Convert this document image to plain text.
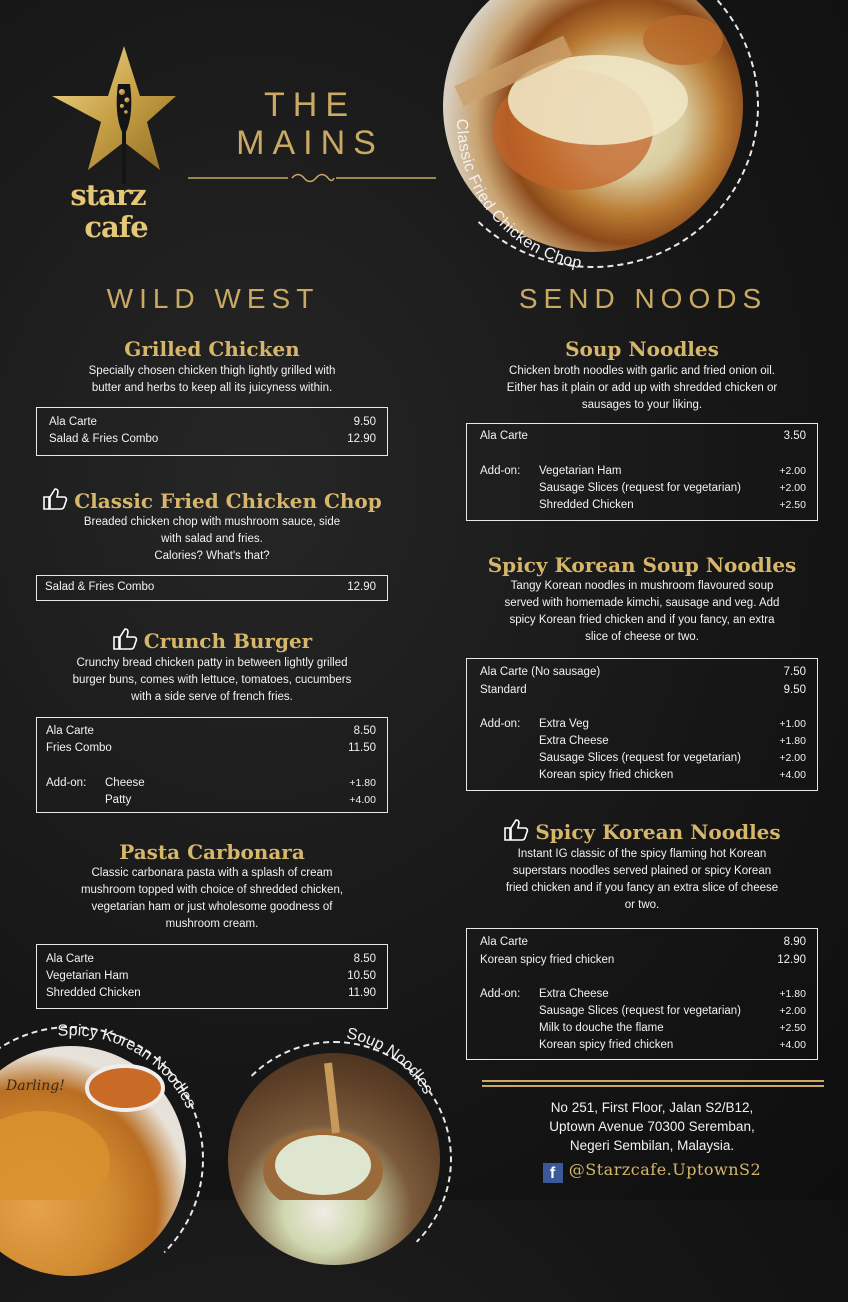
starz
cafe
THE
MAINS	Classic Fried Chicken Chop
WILD WEST	SEND NOODS
Grilled Chicken
Specially chosen chicken thigh lightly grilled with
butter and herbs to keep all its juicyness within.
Ala Carte	9.50
Salad & Fries Combo	12.90
Classic Fried Chicken Chop
Breaded chicken chop with mushroom sauce, side
with salad and fries.
Calories? What's that?
Salad & Fries Combo	12.90
Crunch Burger
Crunchy bread chicken patty in between lightly grilled
burger buns, comes with lettuce, tomatoes, cucumbers
with a side serve of french fries.
Ala Carte	8.50
Fries Combo	11.50
Add-on: Cheese	+1.80
Patty	+4.00
Pasta Carbonara
Classic carbonara pasta with a splash of cream
mushroom topped with choice of shredded chicken,
vegetarian ham or just wholesome goodness of
mushroom cream.
Ala Carte	8.50
Vegetarian Ham	10.50
Shredded Chicken	11.90
Soup Noodles
Chicken broth noodles with garlic and fried onion oil.
Either has it plain or add up with shredded chicken or
sausages to your liking.
Ala Carte	3.50
Add-on: Vegetarian Ham	+2.00
Sausage Slices (request for vegetarian)	+2.00
Shredded Chicken	+2.50
Spicy Korean Soup Noodles
Tangy Korean noodles in mushroom flavoured soup
served with homemade kimchi, sausage and veg. Add
spicy Korean fried chicken and if you fancy, an extra
slice of cheese or two.
Ala Carte (No sausage)	7.50
Standard	9.50
Add-on: Extra Veg	+1.00
Extra Cheese	+1.80
Sausage Slices (request for vegetarian)	+2.00
Korean spicy fried chicken	+4.00
Spicy Korean Noodles
Instant IG classic of the spicy flaming hot Korean
superstars noodles served plained or spicy Korean
fried chicken and if you fancy an extra slice of cheese
or two.
Ala Carte	8.90
Korean spicy fried chicken	12.90
Add-on: Extra Cheese	+1.80
Sausage Slices (request for vegetarian)	+2.00
Milk to douche the flame	+2.50
Korean spicy fried chicken	+4.00
Darling!
Spicy Korean Noodles
Soup Noodles
No 251, First Floor, Jalan S2/B12,
Uptown Avenue 70300 Seremban,
Negeri Sembilan, Malaysia.
f @Starzcafe.UptownS2
